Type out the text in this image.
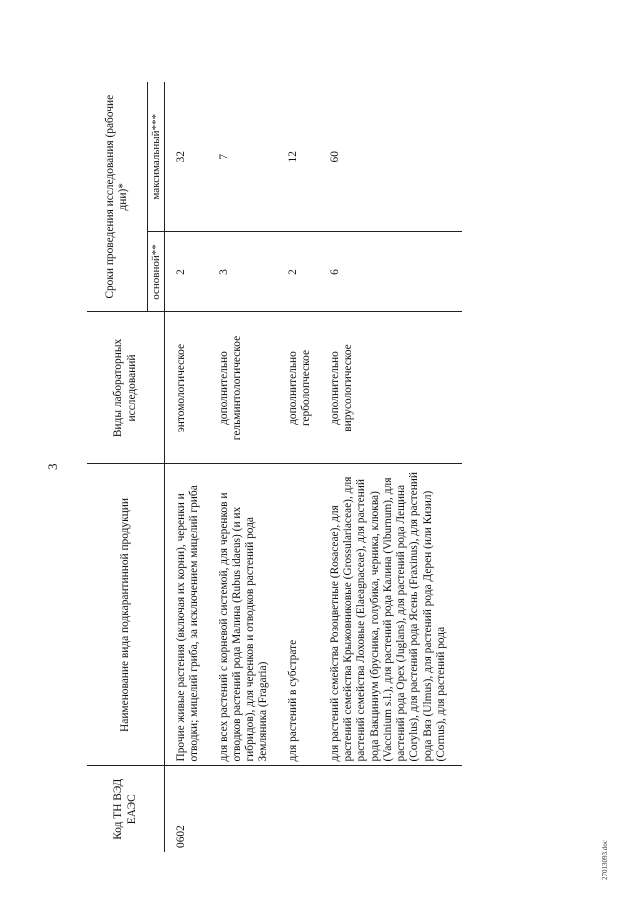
3
Код ТН ВЭД ЕАЭС	Наименование вида подкарантинной продукции	Виды лабораторных исследований	Сроки проведения исследования (рабочие дни)*	
			основной**	максимальный***
0602	Прочие живые растения (включая их корни), черенки и отводки; мицелий гриба, за исключением мицелий гриба	энтомологическое	2	32
	для всех растений с корневой системой, для черенков и отводков растений рода Малина (Rubus idaeus) (и их гибридов), для черенков и отводков растений рода Земляника (Fragaria)	дополнительно гельминтологическое	3	7
	для растений в субстрате	дополнительно герболопческое	2	12
	для растений семейства Розоцветные (Rosaceae), для растений семейства Крыжовниковые (Grossulariaceae), для растений семейства Лоховые (Elaeagnaceae), для растений рода Вакциниум (брусника, голубика, черника, клюква) (Vaccinium s.l.), для растений рода Калина (Viburnum), для растений рода Орех (Juglans), для растений рода Лещина (Corylus), для растений рода Ясень (Fraxinus), для растений рода Вяз (Ulmus), для растений рода Дерен (или Кизил) (Cornus), для растений рода	дополнительно вирусологическое	6	60
27013093.doc
